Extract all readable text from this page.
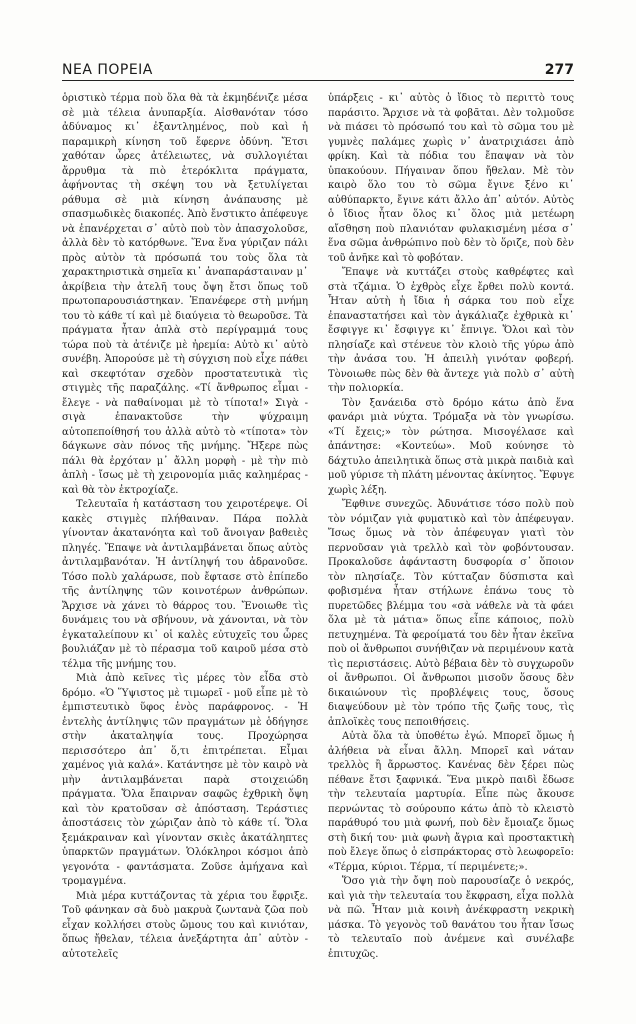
ΝΕΑ ΠΟΡΕΙΑ	277

ὁριστικὸ τέρμα ποὺ ὅλα θὰ τὰ ἐκμηδένιζε μέσα σὲ μιὰ τέλεια ἀνυπαρξία. Αἰσθανόταν τόσο ἀδύναμος κι᾿ ἐξαντλημένος, ποὺ καὶ ἡ παραμικρὴ κίνηση τοῦ ἔφερνε ὀδύνη. Ἔτσι χαθόταν ὧρες ἀτέλειωτες, νὰ συλλογιέται ἄρρυθμα τὰ πιὸ ἑτερόκλιτα πράγματα, ἀφήνοντας τὴ σκέψη του νὰ ξετυλίγεται ράθυμα σὲ μιὰ κίνηση ἀνάπαυσης μὲ σπασμωδικὲς διακοπές. Ἀπὸ ἔνστικτο ἀπέφευγε νὰ ἐπανέρχεται σ᾿ αὐτὸ ποὺ τὸν ἀπασχολοῦσε, ἀλλὰ δὲν τὸ κατόρθωνε. Ἕνα ἕνα γύριζαν πάλι πρὸς αὐτὸν τὰ πρόσωπά του τοὺς ὅλα τὰ χαρακτηριστικὰ σημεῖα κι᾿ ἀναπαράσταιναν μ᾿ ἀκρίβεια τὴν ἀτελῆ τους ὄψη ἔτσι ὅπως τοῦ πρωτοπαρουσιάστηκαν. Ἐπανέφερε στὴ μνήμη του τὸ κάθε τί καὶ μὲ διαύγεια τὸ θεωροῦσε. Τὰ πράγματα ἦταν ἁπλὰ στὸ περίγραμμά τους τώρα ποὺ τὰ ἀτένιζε μὲ ἠρεμία: Αὐτὸ κι᾿ αὐτὸ συνέβη. Ἀπορούσε μὲ τὴ σύγχιση ποὺ εἶχε πάθει καὶ σκεφτόταν σχεδὸν προστατευτικὰ τὶς στιγμὲς τῆς παραζάλης. «Τί ἄνθρωπος εἶμαι - ἔλεγε - νὰ παθαίνομαι μὲ τὸ τίποτα!» Σιγὰ - σιγὰ ἐπανακτοῦσε τὴν ψύχραιμη αὐτοπεποίθησή του ἀλλὰ αὐτὸ τὸ «τίποτα» τὸν δάγκωνε σὰν πόνος τῆς μνήμης. Ἤξερε πὼς πάλι θὰ ἐρχόταν μ᾿ ἄλλη μορφὴ - μὲ τὴν πιὸ ἁπλὴ - ἴσως μὲ τὴ χειρονομία μιᾶς καλημέρας - καὶ θὰ τὸν ἐκτροχίαζε.

Τελευταῖα ἡ κατάσταση του χειροτέρεψε. Οἱ κακὲς στιγμὲς πλήθαιναν. Πάρα πολλὰ γίνονταν ἀκατανόητα καὶ τοῦ ἄνοιγαν βαθειὲς πληγές. Ἔπαψε νὰ ἀντιλαμβάνεται ὅπως αὐτὸς ἀντιλαμβανόταν. Ἡ ἀντίληψή του ἀδρανοῦσε. Τόσο πολὺ χαλάρωσε, ποὺ ἔφτασε στὸ ἐπίπεδο τῆς ἀντίληψης τῶν κοινοτέρων ἀνθρώπων. Ἄρχισε νὰ χάνει τὸ θάρρος του. Ἔνοιωθε τὶς δυνάμεις του νὰ σβήνουν, νὰ χάνονται, νὰ τὸν ἐγκαταλείπουν κι᾿ οἱ καλὲς εὐτυχεῖς του ὧρες βουλιάζαν μὲ τὸ πέρασμα τοῦ καιροῦ μέσα στὸ τέλμα τῆς μνήμης του.

Μιὰ ἀπὸ κεῖνες τὶς μέρες τὸν εἶδα στὸ δρόμο. «Ὁ Ὕψιστος μὲ τιμωρεῖ - μοῦ εἶπε μὲ τὸ ἐμπιστευτικὸ ὕφος ἑνὸς παράφρονος. - Ἡ ἐντελὴς ἀντίληψις τῶν πραγμάτων μὲ ὁδήγησε στὴν ἀκαταληψία τους. Προχώρησα περισσότερο ἀπ᾿ ὅ,τι ἐπιτρέπεται. Εἶμαι χαμένος γιὰ καλά». Κατάντησε μὲ τὸν καιρὸ νὰ μὴν ἀντιλαμβάνεται παρὰ στοιχειώδη πράγματα. Ὅλα ἔπαιρναν σαφῶς ἐχθρικὴ ὄψη καὶ τὸν κρατοῦσαν σὲ ἀπόσταση. Τεράστιες ἀποστάσεις τὸν χώριζαν ἀπὸ τὸ κάθε τί. Ὅλα ξεμάκραιναν καὶ γίνονταν σκιὲς ἀκατάληπτες ὑπαρκτῶν πραγμάτων. Ὁλόκληροι κόσμοι ἀπὸ γεγονότα - φαντάσματα. Ζοῦσε ἀμήχανα καὶ τρομαγμένα.

Μιὰ μέρα κυττάζοντας τὰ χέρια του ἔφριξε. Τοῦ φάνηκαν σὰ δυὸ μακρυὰ ζωντανὰ ζῶα ποὺ εἶχαν κολλήσει στοὺς ὤμους του καὶ κινιόταν, ὅπως ἤθελαν, τέλεια ἀνεξάρτητα ἀπ᾿ αὐτὸν - αὐτοτελεῖς

ὑπάρξεις - κι᾿ αὐτὸς ὁ ἴδιος τὸ περιττὸ τους παράσιτο. Ἄρχισε νὰ τὰ φοβᾶται. Δὲν τολμοῦσε νὰ πιάσει τὸ πρόσωπό του καὶ τὸ σῶμα του μὲ γυμνὲς παλάμες χωρὶς ν᾿ ἀνατριχιάσει ἀπὸ φρίκη. Καὶ τὰ πόδια του ἔπαψαν νὰ τὸν ὑπακούουν. Πήγαιναν ὅπου ἤθελαν. Μὲ τὸν καιρὸ ὅλο του τὸ σῶμα ἔγινε ξένο κι᾿ αὐθύπαρκτο, ἔγινε κάτι ἄλλο ἀπ᾿ αὐτόν. Αὐτὸς ὁ ἴδιος ἦταν ὅλος κι᾿ ὅλος μιὰ μετέωρη αἴσθηση ποὺ πλανιόταν φυλακισμένη μέσα σ᾿ ἕνα σῶμα ἀνθρώπινο ποὺ δὲν τὸ ὅριζε, ποὺ δὲν τοῦ ἀνῆκε καὶ τὸ φοβόταν.

Ἔπαψε νὰ κυττάζει στοὺς καθρέφτες καὶ στὰ τζάμια. Ὁ ἐχθρὸς εἶχε ἔρθει πολὺ κοντά. Ἦταν αὐτὴ ἡ ἴδια ἡ σάρκα του ποὺ εἶχε ἐπαναστατήσει καὶ τὸν ἀγκάλιαζε ἐχθρικὰ κι᾿ ἔσφιγγε κι᾿ ἔσφιγγε κι᾿ ἔπνιγε. Ὅλοι καὶ τὸν πλησίαζε καὶ στένευε τὸν κλοιὸ τῆς γύρω ἀπὸ τὴν ἀνάσα του. Ἡ ἀπειλὴ γινόταν φοβερή. Τὸνοιωθε πὼς δὲν θὰ ἄντεχε γιὰ πολὺ σ᾿ αὐτὴ τὴν πολιορκία.

Τὸν ξανάειδα στὸ δρόμο κάτω ἀπὸ ἕνα φανάρι μιὰ νύχτα. Τρόμαξα νὰ τὸν γνωρίσω. «Τί ἔχεις;» τὸν ρώτησα. Μισογέλασε καὶ ἀπάντησε: «Κοντεύω». Μοῦ κούνησε τὸ δάχτυλο ἀπειλητικὰ ὅπως στὰ μικρὰ παιδιὰ καὶ μοῦ γύρισε τὴ πλάτη μένοντας ἀκίνητος. Ἔφυγε χωρὶς λέξη.

Ἔφθινε συνεχῶς. Ἀδυνάτισε τόσο πολὺ ποὺ τὸν νόμιζαν γιὰ φυματικὸ καὶ τὸν ἀπέφευγαν. Ἴσως ὅμως νὰ τὸν ἀπέφευγαν γιατὶ τὸν περνοῦσαν γιὰ τρελλὸ καὶ τὸν φοβόντουσαν. Προκαλοῦσε ἀφάνταστη δυσφορία σ᾿ ὅποιον τὸν πλησίαζε. Τὸν κύτταζαν δύσπιστα καὶ φοβισμένα ἦταν στήλωνε ἐπάνω τους τὸ πυρετῶδες βλέμμα του «σὰ νάθελε νὰ τὰ φάει ὅλα μὲ τὰ μάτια» ὅπως εἶπε κάποιος, πολὺ πετυχημένα. Τὰ φεροίματά του δὲν ἦταν ἐκεῖνα ποὺ οἱ ἄνθρωποι συνήθιζαν νὰ περιμένουν κατὰ τὶς περιστάσεις. Αὐτὸ βέβαια δὲν τὸ συγχωροῦν οἱ ἄνθρωποι. Οἱ ἄνθρωποι μισοῦν ὅσους δὲν δικαιώνουν τὶς προβλέψεις τους, ὅσους διαψεύδουν μὲ τὸν τρόπο τῆς ζωῆς τους, τὶς ἁπλοϊκὲς τους πεποιθήσεις.

Αὐτὰ ὅλα τὰ ὑποθέτω ἐγώ. Μπορεῖ ὅμως ἡ ἀλήθεια νὰ εἶναι ἄλλη. Μπορεῖ καὶ νάταν τρελλὸς ἢ ἄρρωστος. Κανένας δὲν ξέρει πὼς πέθανε ἔτσι ξαφνικά. Ἕνα μικρὸ παιδὶ ἔδωσε τὴν τελευταία μαρτυρία. Εἶπε πὼς ἄκουσε περνώντας τὸ σούρουπο κάτω ἀπὸ τὸ κλειστὸ παράθυρό του μιὰ φωνή, ποὺ δὲν ἔμοιαζε ὅμως στὴ δική του· μιὰ φωνὴ ἄγρια καὶ προστακτικὴ ποὺ ἔλεγε ὅπως ὁ εἰσπράκτορας στὸ λεωφορεῖο: «Τέρμα, κύριοι. Τέρμα, τί περιμένετε;».

Ὅσο γιὰ τὴν ὄψη ποὺ παρουσίαζε ὁ νεκρός, καὶ γιὰ τὴν τελευταία του ἔκφραση, εἶχα πολλὰ νὰ πῶ. Ἦταν μιὰ κοινὴ ἀνέκφραστη νεκρικὴ μάσκα. Τὸ γεγονὸς τοῦ θανάτου του ἦταν ἴσως τὸ τελευταῖο ποὺ ἀνέμενε καὶ συνέλαβε ἐπιτυχῶς.
